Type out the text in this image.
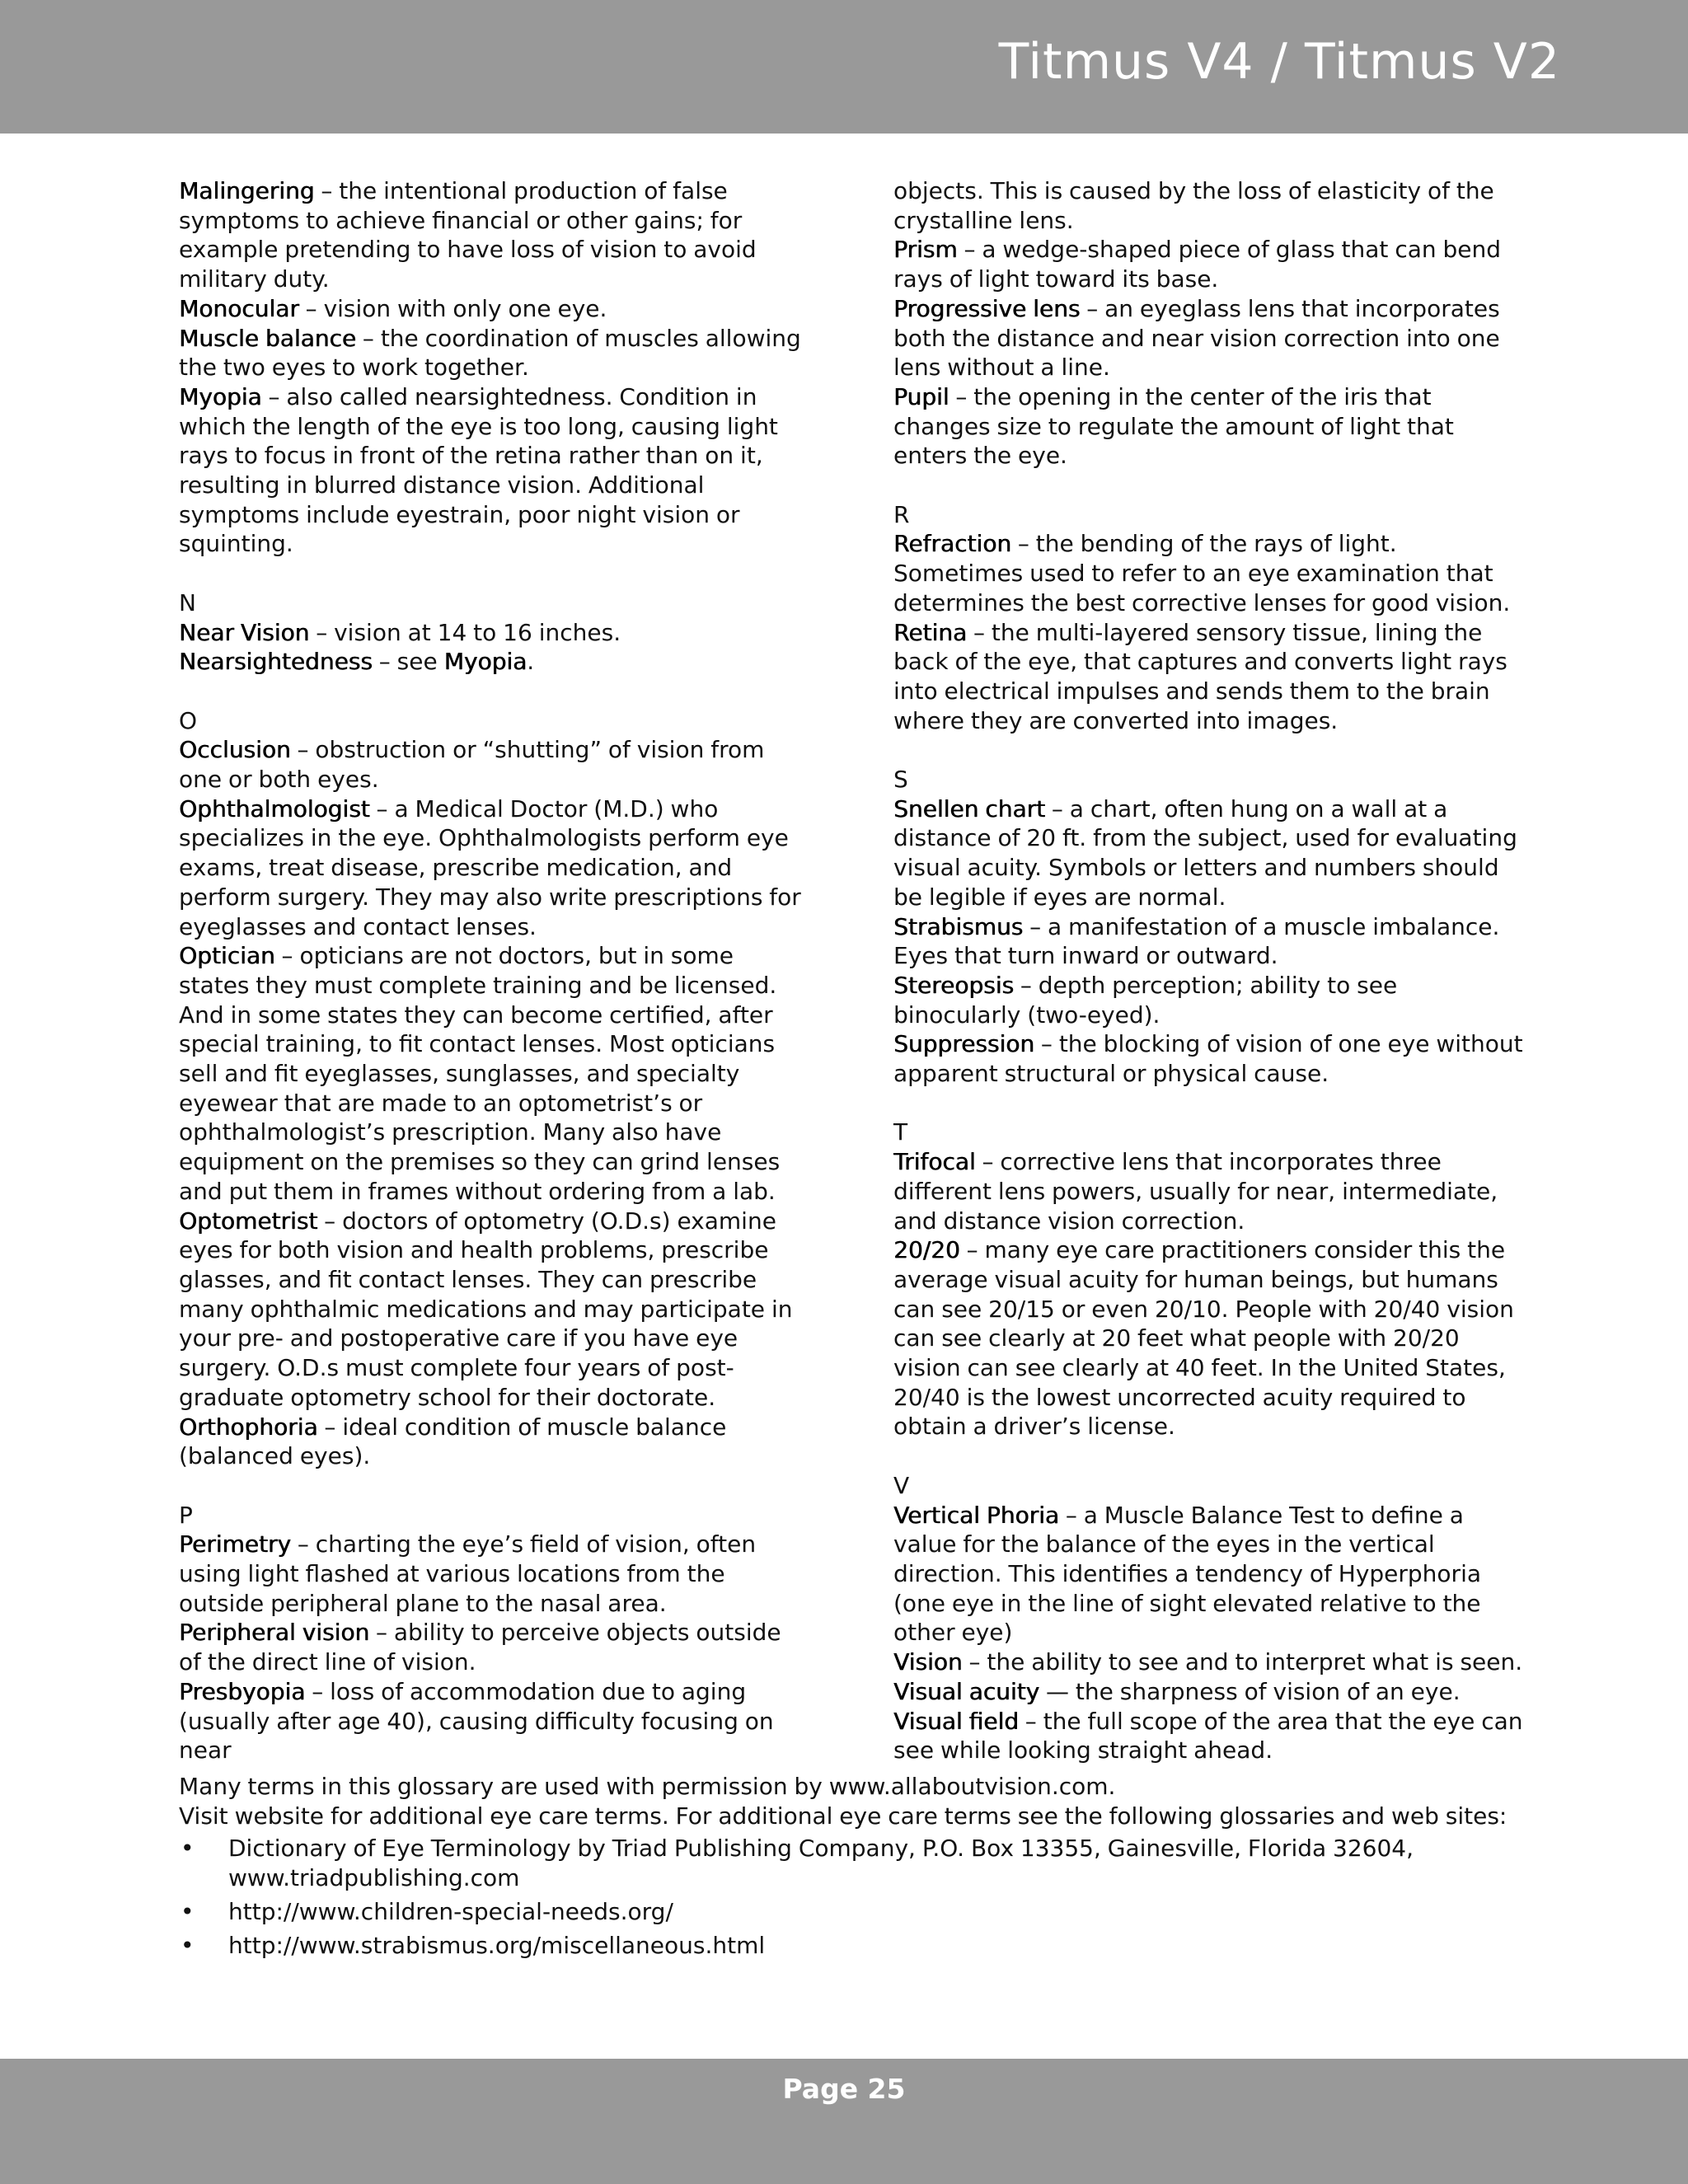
Titmus V4 / Titmus V2
Malingering – the intentional production of false symptoms to achieve financial or other gains; for example pretending to have loss of vision to avoid military duty.
Monocular – vision with only one eye.
Muscle balance – the coordination of muscles allowing the two eyes to work together.
Myopia – also called nearsightedness. Condition in which the length of the eye is too long, causing light rays to focus in front of the retina rather than on it, resulting in blurred distance vision. Additional symptoms include eyestrain, poor night vision or squinting.
N
Near Vision – vision at 14 to 16 inches.
Nearsightedness – see Myopia.
O
Occlusion – obstruction or “shutting” of vision from one or both eyes.
Ophthalmologist – a Medical Doctor (M.D.) who specializes in the eye. Ophthalmologists perform eye exams, treat disease, prescribe medication, and perform surgery. They may also write prescriptions for eyeglasses and contact lenses.
Optician – opticians are not doctors, but in some states they must complete training and be licensed. And in some states they can become certified, after special training, to fit contact lenses. Most opticians sell and fit eyeglasses, sunglasses, and specialty eyewear that are made to an optometrist’s or ophthalmologist’s prescription. Many also have equipment on the premises so they can grind lenses and put them in frames without ordering from a lab.
Optometrist – doctors of optometry (O.D.s) examine eyes for both vision and health problems, prescribe glasses, and fit contact lenses. They can prescribe many ophthalmic medications and may participate in your pre- and postoperative care if you have eye surgery. O.D.s must complete four years of post-graduate optometry school for their doctorate.
Orthophoria – ideal condition of muscle balance (balanced eyes).
P
Perimetry – charting the eye’s field of vision, often using light flashed at various locations from the outside peripheral plane to the nasal area.
Peripheral vision – ability to perceive objects outside of the direct line of vision.
Presbyopia – loss of accommodation due to aging (usually after age 40), causing difficulty focusing on near
objects. This is caused by the loss of elasticity of the crystalline lens.
Prism – a wedge-shaped piece of glass that can bend rays of light toward its base.
Progressive lens – an eyeglass lens that incorporates both the distance and near vision correction into one lens without a line.
Pupil – the opening in the center of the iris that changes size to regulate the amount of light that enters the eye.
R
Refraction – the bending of the rays of light. Sometimes used to refer to an eye examination that determines the best corrective lenses for good vision.
Retina – the multi-layered sensory tissue, lining the back of the eye, that captures and converts light rays into electrical impulses and sends them to the brain where they are converted into images.
S
Snellen chart – a chart, often hung on a wall at a distance of 20 ft. from the subject, used for evaluating visual acuity. Symbols or letters and numbers should be legible if eyes are normal.
Strabismus – a manifestation of a muscle imbalance. Eyes that turn inward or outward.
Stereopsis – depth perception; ability to see binocularly (two-eyed).
Suppression – the blocking of vision of one eye without apparent structural or physical cause.
T
Trifocal – corrective lens that incorporates three different lens powers, usually for near, intermediate, and distance vision correction.
20/20 – many eye care practitioners consider this the average visual acuity for human beings, but humans can see 20/15 or even 20/10. People with 20/40 vision can see clearly at 20 feet what people with 20/20 vision can see clearly at 40 feet. In the United States, 20/40 is the lowest uncorrected acuity required to obtain a driver’s license.
V
Vertical Phoria – a Muscle Balance Test to define a value for the balance of the eyes in the vertical direction. This identifies a tendency of Hyperphoria (one eye in the line of sight elevated relative to the other eye)
Vision – the ability to see and to interpret what is seen.
Visual acuity — the sharpness of vision of an eye.
Visual field – the full scope of the area that the eye can see while looking straight ahead.

Many terms in this glossary are used with permission by www.allaboutvision.com.

Visit website for additional eye care terms. For additional eye care terms see the following glossaries and web sites:

• Dictionary of Eye Terminology by Triad Publishing Company, P.O. Box 13355, Gainesville, Florida 32604, www.triadpublishing.com
• http://www.children-special-needs.org/
• http://www.strabismus.org/miscellaneous.html
Page 25
